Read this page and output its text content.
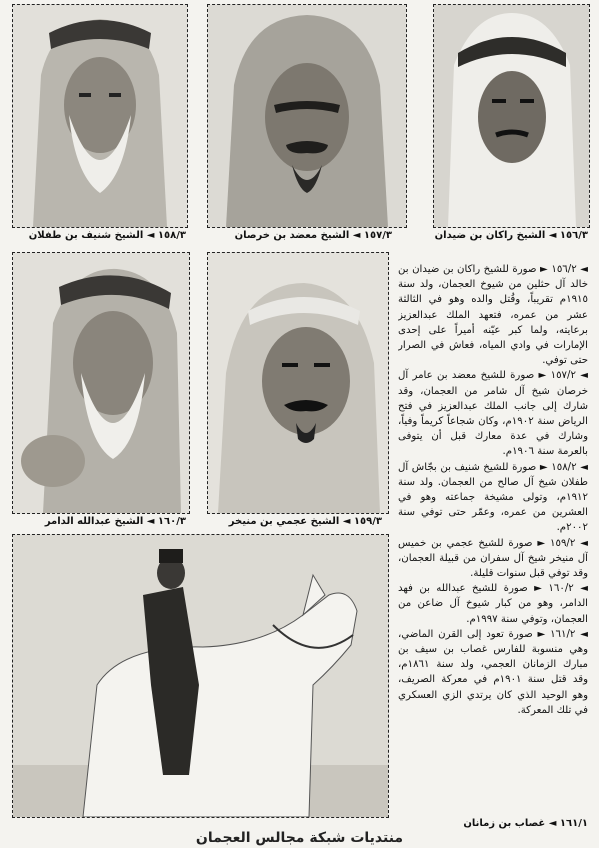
١٥٨/٣ ◄ الشيخ شنيف بن طفلان	١٥٧/٣ ◄ الشيخ معضد بن خرصان	١٥٦/٣ ◄ الشيخ راكان بن ضيدان
١٦٠/٣ ◄ الشيخ عبدالله الدامر	١٥٩/٣ ◄ الشيخ عجمي بن منيخر

◄ ١٥٦/٢ ► صورة للشيخ راكان بن ضيدان بن خالد آل حثلين من شيوخ العجمان، ولد سنة ١٩١٥م تقريباً، وقُتل والده وهو في الثالثة عشر من عمره، فتعهد الملك عبدالعزيز برعايته، ولما كبر عيّنه أميراً على إحدى الإمارات في وادي المياه، فعاش في الصرار حتى توفي.

◄ ١٥٧/٢ ► صورة للشيخ معضد بن عامر آل خرصان شيخ آل شامر من العجمان، وقد شارك إلى جانب الملك عبدالعزيز في فتح الرياض سنة ١٩٠٢م، وكان شجاعاً كريماً وفياً، وشارك في عدة معارك قبل أن يتوفى بالعرمة سنة ١٩٠٦م.

◄ ١٥٨/٢ ► صورة للشيخ شنيف بن بجّاش آل طفلان شيخ آل صالح من العجمان. ولد سنة ١٩١٢م، وتولى مشيخة جماعته وهو في العشرين من عمره، وعمّر حتى توفي سنة ٢٠٠٢م.

◄ ١٥٩/٢ ► صورة للشيخ عجمي بن خميس آل منيخر شيخ آل سفران من قبيلة العجمان، وقد توفي قبل سنوات قليلة.

◄ ١٦٠/٢ ► صورة للشيخ عبدالله بن فهد الدامر، وهو من كبار شيوخ آل ضاعن من العجمان، وتوفي سنة ١٩٩٧م.

◄ ١٦١/٢ ► صورة تعود إلى القرن الماضي، وهي منسوبة للفارس غصاب بن سيف بن مبارك الزمانان العجمي، ولد سنة ١٨٦١م، وقد قتل سنة ١٩٠١م في معركة الصريف، وهو الوحيد الذي كان يرتدي الزي العسكري في تلك المعركة.

١٦١/١ ◄ غصاب بن زمانان
منتديات شبكة مجالس العجمان
